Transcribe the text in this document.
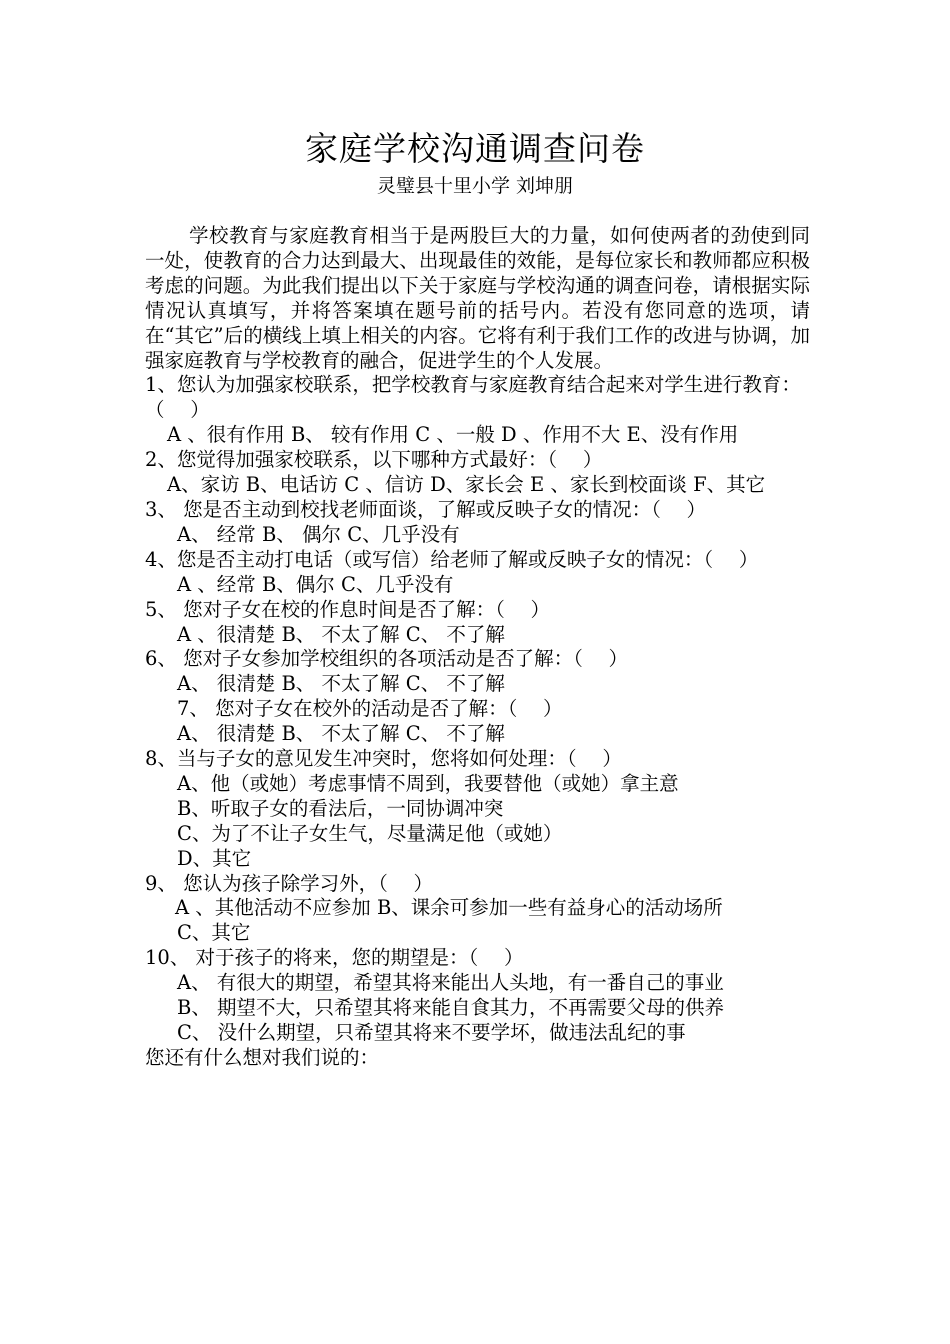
家庭学校沟通调查问卷
灵璧县十里小学 刘坤朋

学校教育与家庭教育相当于是两股巨大的力量，如何使两者的劲使到同一处，使教育的合力达到最大、出现最佳的效能，是每位家长和教师都应积极考虑的问题。为此我们提出以下关于家庭与学校沟通的调查问卷，请根据实际情况认真填写，并将答案填在题号前的括号内。若没有您同意的选项，请在“其它”后的横线上填上相关的内容。它将有利于我们工作的改进与协调，加强家庭教育与学校教育的融合，促进学生的个人发展。

1、您认为加强家校联系，把学校教育与家庭教育结合起来对学生进行教育：（　 ）

A 、很有作用 B、 较有作用 C 、一般 D 、作用不大 E、没有作用

2、您觉得加强家校联系，以下哪种方式最好：（　 ）

A、家访 B、电话访 C 、信访 D、家长会 E 、家长到校面谈 F、其它

3、 您是否主动到校找老师面谈，了解或反映子女的情况：（　 ）

A、 经常 B、 偶尔 C、几乎没有

4、您是否主动打电话（或写信）给老师了解或反映子女的情况：（　 ）

A 、经常 B、偶尔 C、几乎没有

5、 您对子女在校的作息时间是否了解：（　 ）

A 、很清楚 B、 不太了解 C、 不了解

6、 您对子女参加学校组织的各项活动是否了解：（　 ）

A、 很清楚 B、 不太了解 C、 不了解

7、 您对子女在校外的活动是否了解：（　 ）

A、 很清楚 B、 不太了解 C、 不了解

8、当与子女的意见发生冲突时，您将如何处理：（　 ）

A、他（或她）考虑事情不周到，我要替他（或她）拿主意

B、听取子女的看法后，一同协调冲突

C、为了不让子女生气，尽量满足他（或她）

D、其它

9、 您认为孩子除学习外，（　 ）

A 、其他活动不应参加 B、课余可参加一些有益身心的活动场所

C、其它

10、 对于孩子的将来，您的期望是：（　 ）

A、 有很大的期望，希望其将来能出人头地，有一番自己的事业

B、 期望不大，只希望其将来能自食其力，不再需要父母的供养

C、 没什么期望，只希望其将来不要学坏，做违法乱纪的事

您还有什么想对我们说的：
